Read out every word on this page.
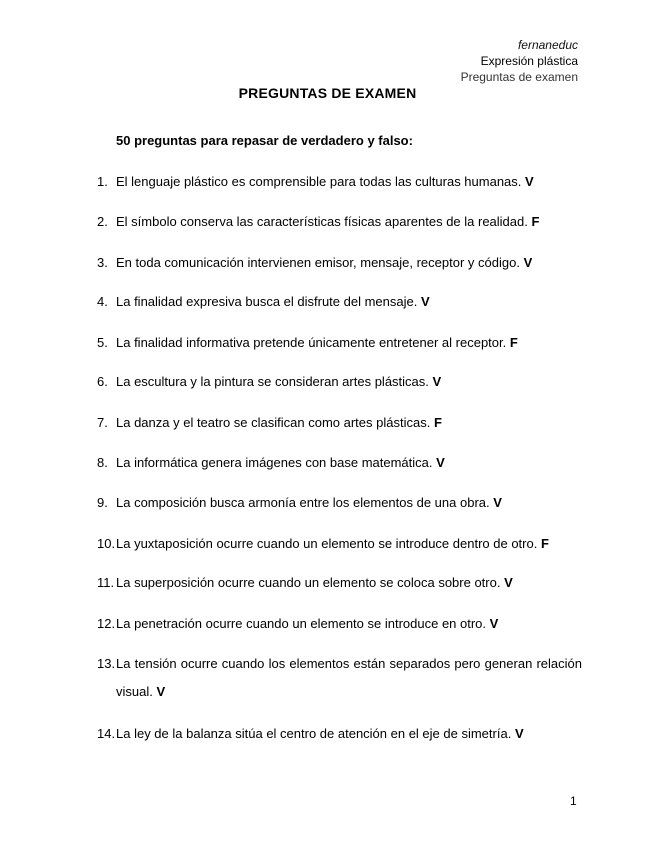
fernaneduc
Expresión plástica
Preguntas de examen
PREGUNTAS DE EXAMEN
50 preguntas para repasar de verdadero y falso:
1. El lenguaje plástico es comprensible para todas las culturas humanas. V
2. El símbolo conserva las características físicas aparentes de la realidad. F
3. En toda comunicación intervienen emisor, mensaje, receptor y código. V
4. La finalidad expresiva busca el disfrute del mensaje. V
5. La finalidad informativa pretende únicamente entretener al receptor. F
6. La escultura y la pintura se consideran artes plásticas. V
7. La danza y el teatro se clasifican como artes plásticas. F
8. La informática genera imágenes con base matemática. V
9. La composición busca armonía entre los elementos de una obra. V
10. La yuxtaposición ocurre cuando un elemento se introduce dentro de otro. F
11. La superposición ocurre cuando un elemento se coloca sobre otro. V
12. La penetración ocurre cuando un elemento se introduce en otro. V
13. La tensión ocurre cuando los elementos están separados pero generan relación visual. V
14. La ley de la balanza sitúa el centro de atención en el eje de simetría. V
1
